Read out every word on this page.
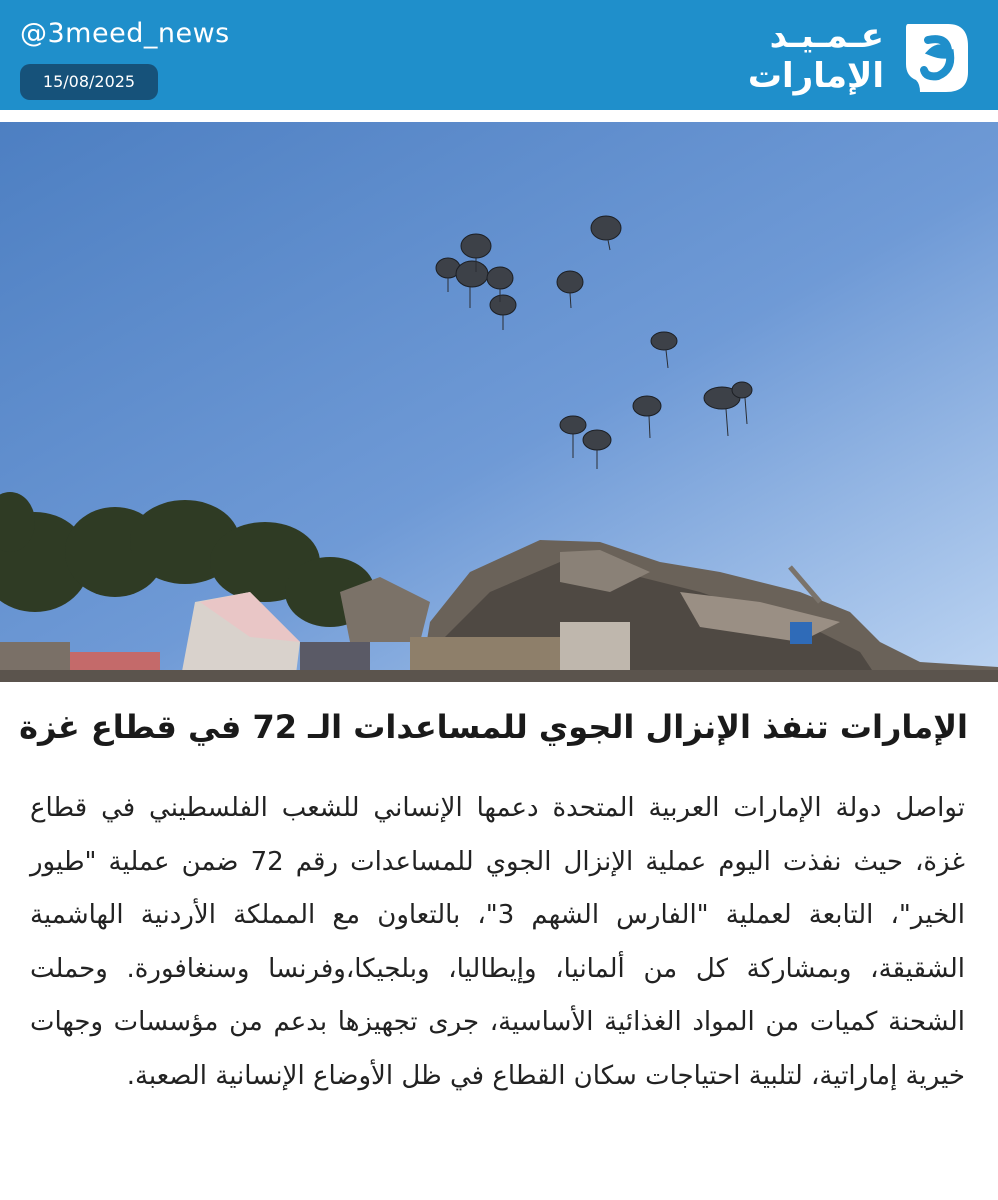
@3meed_news
15/08/2025
عـمـيـد
الإمارات
الإمارات تنفذ الإنزال الجوي للمساعدات الـ 72 في قطاع غزة
تواصل دولة الإمارات العربية المتحدة دعمها الإنساني للشعب الفلسطيني في قطاع غزة، حيث نفذت اليوم عملية الإنزال الجوي للمساعدات رقم 72 ضمن عملية "طيور الخير"، التابعة لعملية "الفارس الشهم 3"، بالتعاون مع المملكة الأردنية الهاشمية الشقيقة، وبمشاركة كل من ألمانيا، وإيطاليا، وبلجيكا،وفرنسا وسنغافورة. وحملت الشحنة كميات من المواد الغذائية الأساسية، جرى تجهيزها بدعم من مؤسسات وجهات خيرية إماراتية، لتلبية احتياجات سكان القطاع في ظل الأوضاع الإنسانية الصعبة.
